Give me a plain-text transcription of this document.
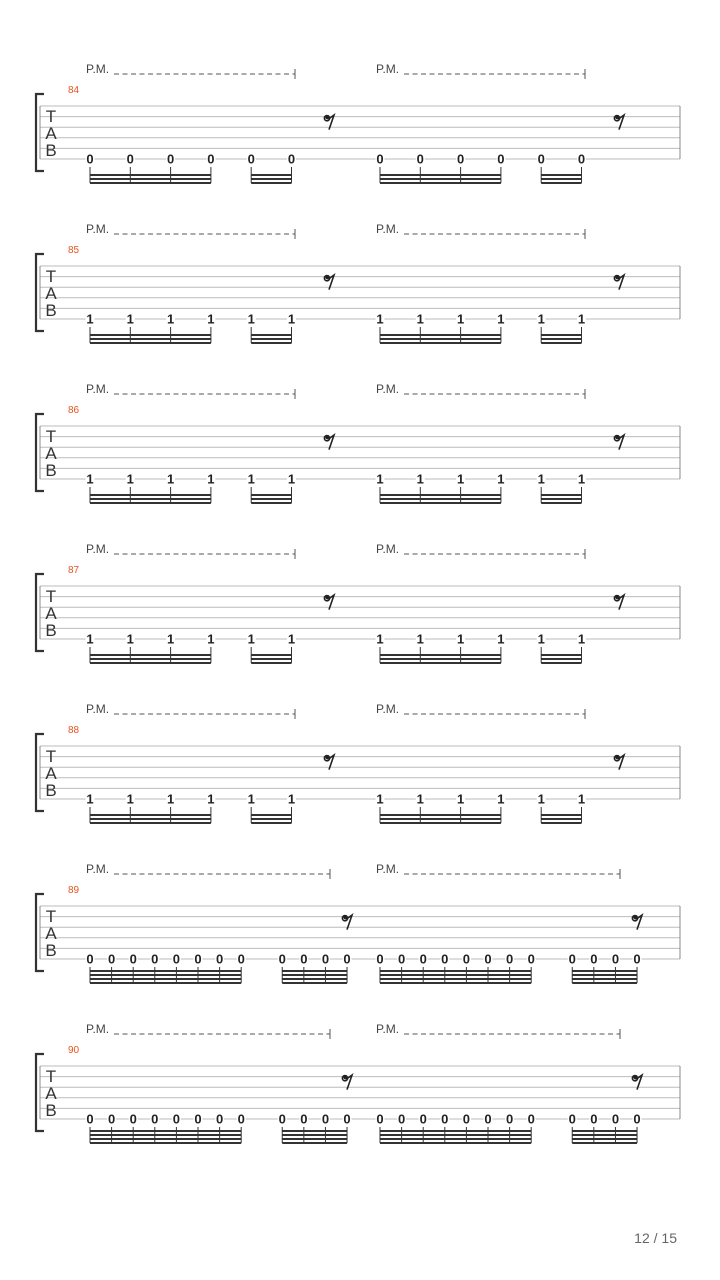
P.M.	P.M.
84
T
A
B 0	0	0	0	0	0	0	0	0	0	0	0
P.M.	P.M.
85
T
A
B 1	1	1	1	1	1	1	1	1	1	1	1
P.M.	P.M.
86
T
A
B 1	1	1	1	1	1	1	1	1	1	1	1
P.M.	P.M.
87
T
A
B 1	1	1	1	1	1	1	1	1	1	1	1
P.M.	P.M.
88
T
A
B 1	1	1	1	1	1	1	1	1	1	1	1
P.M.	P.M.
89
T
A
B 0 0 0 0 0 0 0 0	0 0 0 0 0 0 0 0 0 0 0 0	0 0 0 0
P.M.	P.M.
90
T
A
B 0 0 0 0 0 0 0 0	0 0 0 0 0 0 0 0 0 0 0 0	0 0 0 0
12 / 15
